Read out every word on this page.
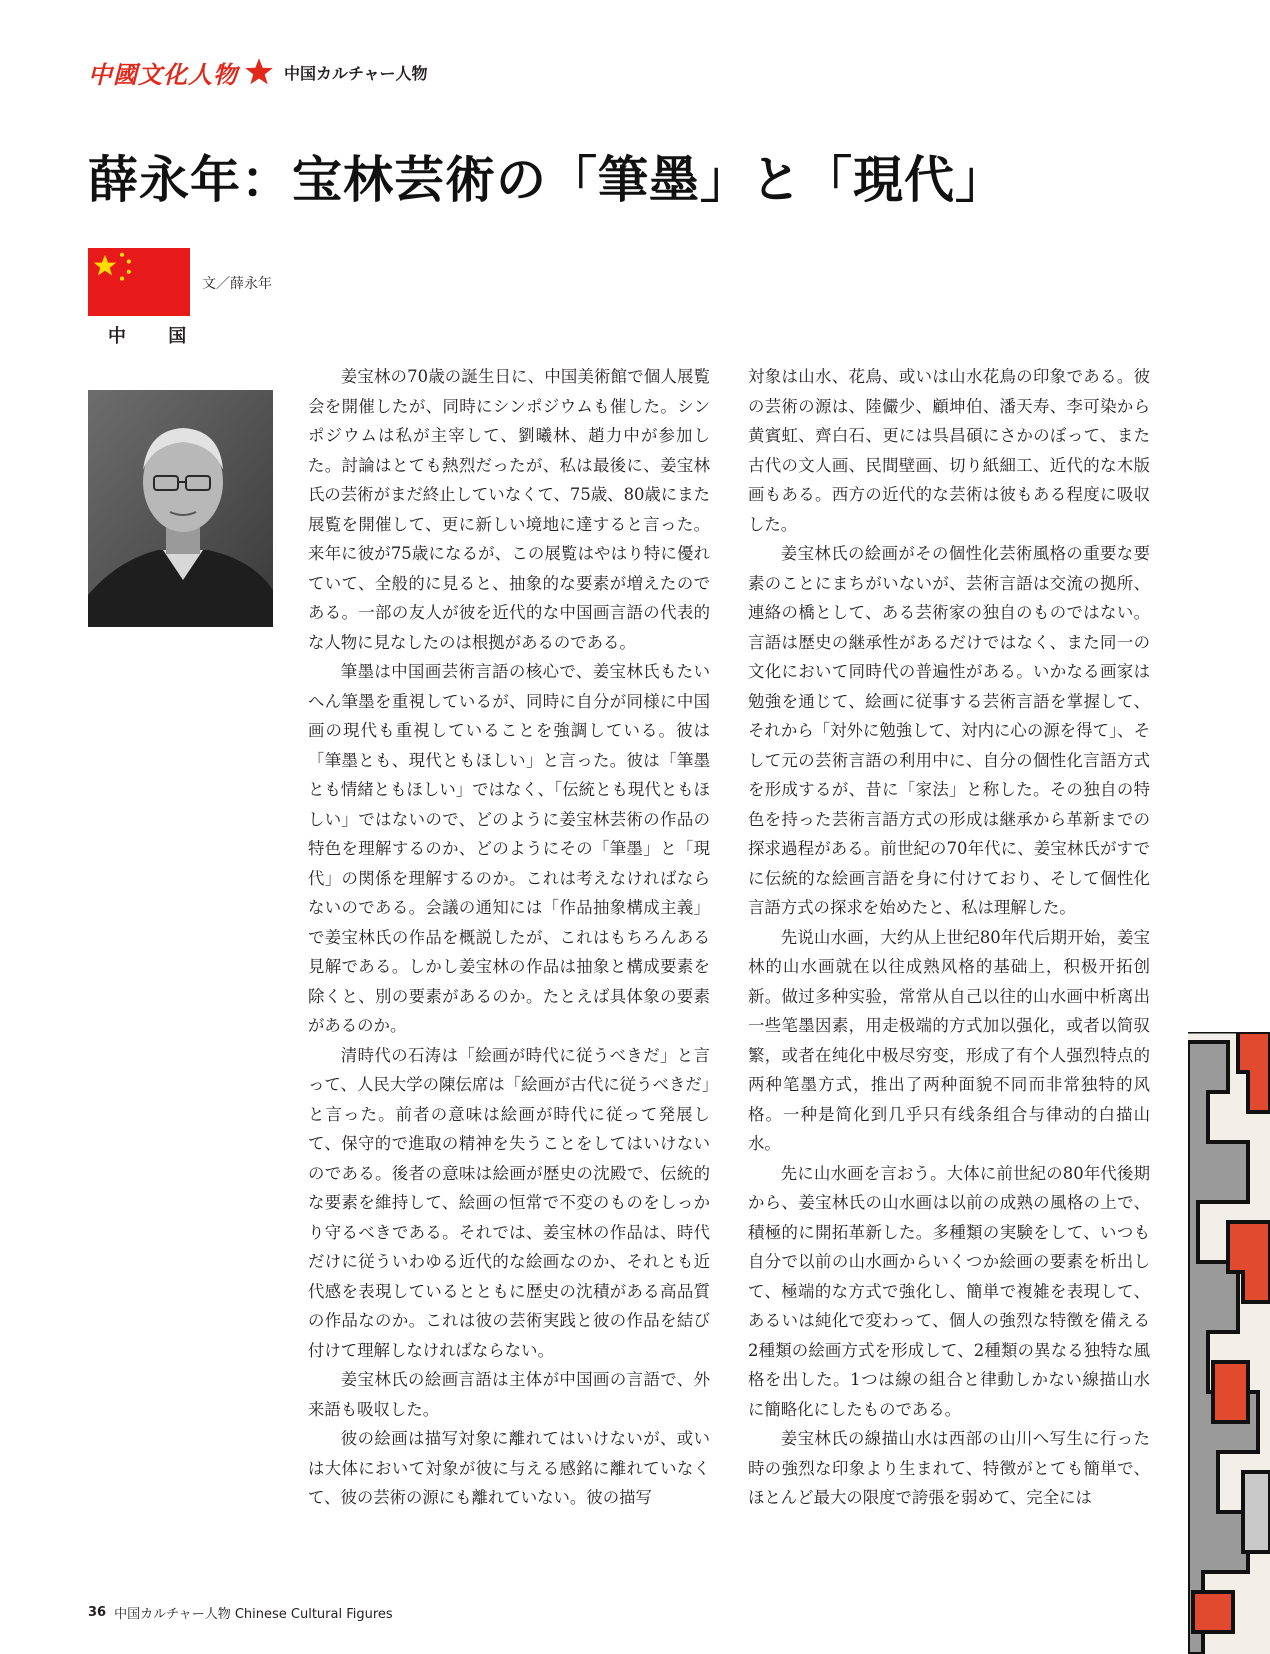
中國文化人物	中国カルチャー人物
薛永年：宝林芸術の「筆墨」と「現代」
中 国
文／薛永年

姜宝林の70歳の誕生日に、中国美術館で個人展覧会を開催したが、同時にシンポジウムも催した。シンポジウムは私が主宰して、劉曦林、趙力中が参加した。討論はとても熱烈だったが、私は最後に、姜宝林氏の芸術がまだ終止していなくて、75歳、80歳にまた展覧を開催して、更に新しい境地に達すると言った。来年に彼が75歳になるが、この展覧はやはり特に優れていて、全般的に見ると、抽象的な要素が増えたのである。一部の友人が彼を近代的な中国画言語の代表的な人物に見なしたのは根拠があるのである。

筆墨は中国画芸術言語の核心で、姜宝林氏もたいへん筆墨を重視しているが、同時に自分が同様に中国画の現代も重視していることを強調している。彼は「筆墨とも、現代ともほしい」と言った。彼は「筆墨とも情緒ともほしい」ではなく、「伝統とも現代ともほしい」ではないので、どのように姜宝林芸術の作品の特色を理解するのか、どのようにその「筆墨」と「現代」の関係を理解するのか。これは考えなければならないのである。会議の通知には「作品抽象構成主義」で姜宝林氏の作品を概説したが、これはもちろんある見解である。しかし姜宝林の作品は抽象と構成要素を除くと、別の要素があるのか。たとえば具体象の要素があるのか。

清時代の石涛は「絵画が時代に従うべきだ」と言って、人民大学の陳伝席は「絵画が古代に従うべきだ」と言った。前者の意味は絵画が時代に従って発展して、保守的で進取の精神を失うことをしてはいけないのである。後者の意味は絵画が歴史の沈殿で、伝統的な要素を維持して、絵画の恒常で不変のものをしっかり守るべきである。それでは、姜宝林の作品は、時代だけに従ういわゆる近代的な絵画なのか、それとも近代感を表現しているとともに歴史の沈積がある高品質の作品なのか。これは彼の芸術実践と彼の作品を結び付けて理解しなければならない。

姜宝林氏の絵画言語は主体が中国画の言語で、外来語も吸収した。

彼の絵画は描写対象に離れてはいけないが、或いは大体において対象が彼に与える感銘に離れていなくて、彼の芸術の源にも離れていない。彼の描写

対象は山水、花鳥、或いは山水花鳥の印象である。彼の芸術の源は、陸儼少、顧坤伯、潘天寿、李可染から黄賓虹、齊白石、更には呉昌碩にさかのぼって、また古代の文人画、民間壁画、切り紙細工、近代的な木版画もある。西方の近代的な芸術は彼もある程度に吸収した。

姜宝林氏の絵画がその個性化芸術風格の重要な要素のことにまちがいないが、芸術言語は交流の拠所、連絡の橋として、ある芸術家の独自のものではない。言語は歴史の継承性があるだけではなく、また同一の文化において同時代の普遍性がある。いかなる画家は勉強を通じて、絵画に従事する芸術言語を掌握して、それから「対外に勉強して、対内に心の源を得て」、そして元の芸術言語の利用中に、自分の個性化言語方式を形成するが、昔に「家法」と称した。その独自の特色を持った芸術言語方式の形成は継承から革新までの探求過程がある。前世紀の70年代に、姜宝林氏がすでに伝統的な絵画言語を身に付けており、そして個性化言語方式の探求を始めたと、私は理解した。

先说山水画，大约从上世纪80年代后期开始，姜宝林的山水画就在以往成熟风格的基础上，积极开拓创新。做过多种实验，常常从自己以往的山水画中析离出一些笔墨因素，用走极端的方式加以强化，或者以简驭繁，或者在纯化中极尽穷变，形成了有个人强烈特点的两种笔墨方式，推出了两种面貌不同而非常独特的风格。一种是简化到几乎只有线条组合与律动的白描山水。

先に山水画を言おう。大体に前世紀の80年代後期から、姜宝林氏の山水画は以前の成熟の風格の上で、積極的に開拓革新した。多種類の実験をして、いつも自分で以前の山水画からいくつか絵画の要素を析出して、極端的な方式で強化し、簡単で複雑を表現して、あるいは純化で変わって、個人の強烈な特徴を備える2種類の絵画方式を形成して、2種類の異なる独特な風格を出した。1つは線の組合と律動しかない線描山水に簡略化にしたものである。

姜宝林氏の線描山水は西部の山川へ写生に行った時の強烈な印象より生まれて、特徴がとても簡単で、ほとんど最大の限度で誇張を弱めて、完全には

36 中国カルチャー人物 Chinese Cultural Figures
